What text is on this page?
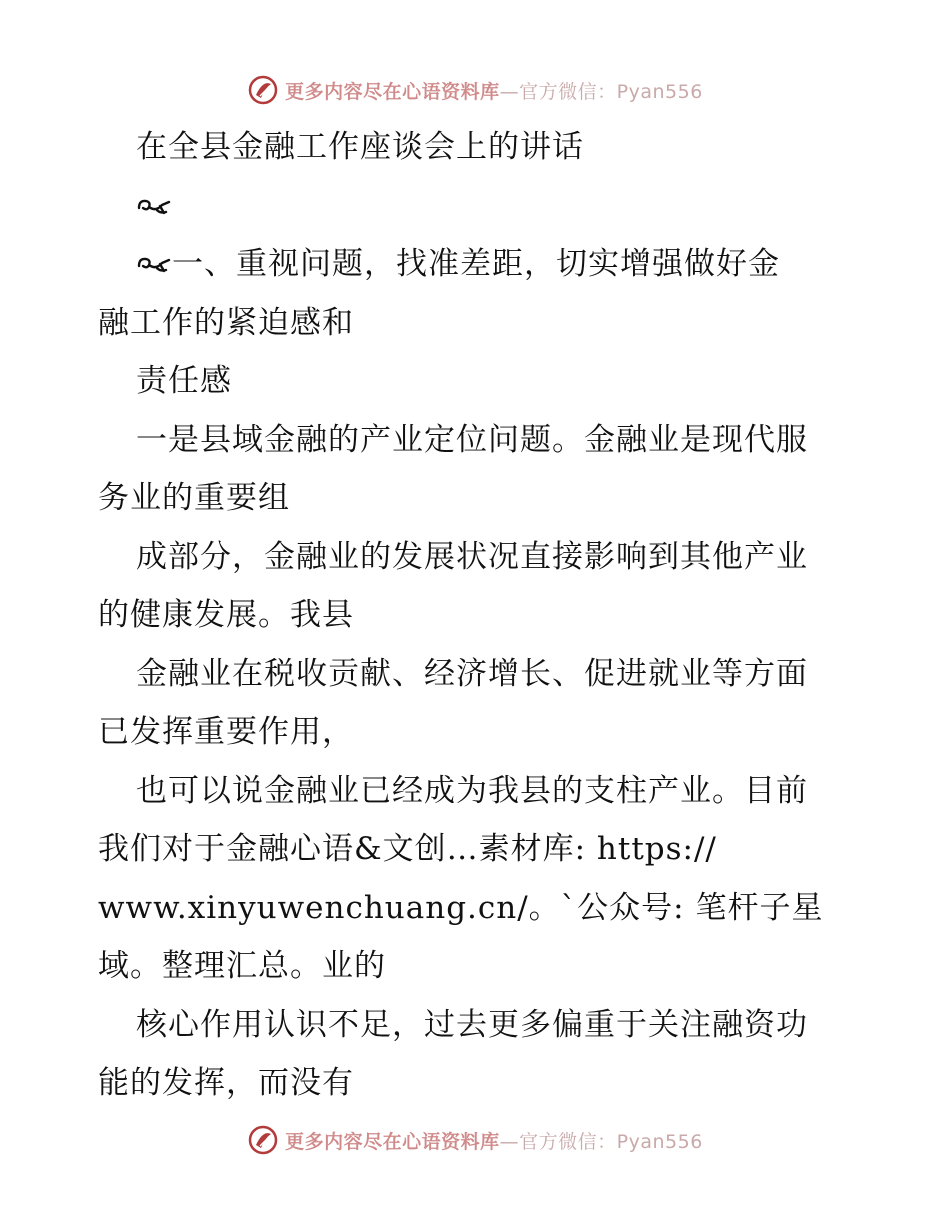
更多内容尽在心语资料库—官方微信：Pyan556
在全县金融工作座谈会上的讲话
一、重视问题，找准差距，切实增强做好金
融工作的紧迫感和
责任感
一是县域金融的产业定位问题。金融业是现代服
务业的重要组
成部分，金融业的发展状况直接影响到其他产业
的健康发展。我县
金融业在税收贡献、经济增长、促进就业等方面
已发挥重要作用，
也可以说金融业已经成为我县的支柱产业。目前
我们对于金融心语&文创…素材库: https://
www.xinyuwenchuang.cn/。`公众号: 笔杆子星
域。整理汇总。业的
核心作用认识不足，过去更多偏重于关注融资功
能的发挥，而没有
更多内容尽在心语资料库—官方微信：Pyan556
